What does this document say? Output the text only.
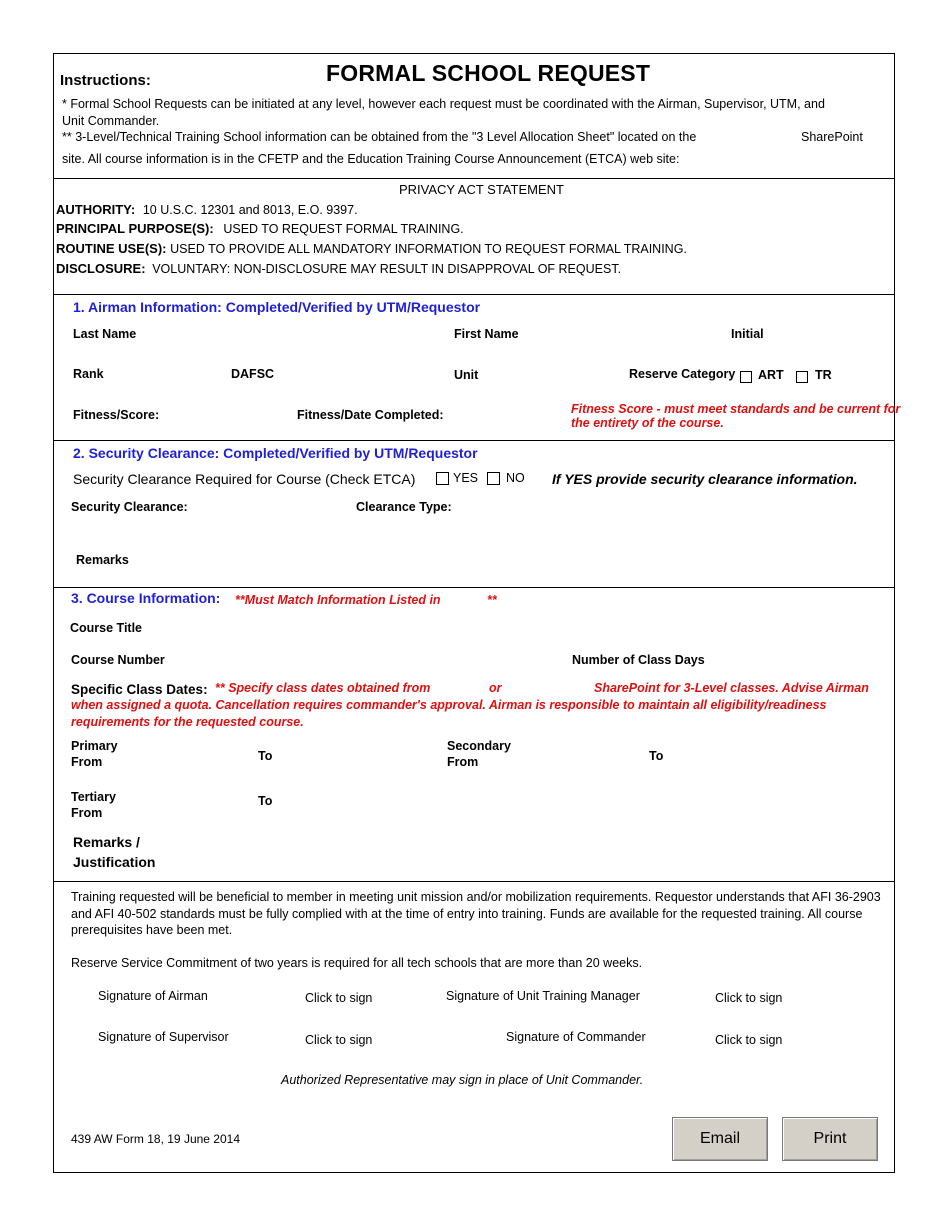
Instructions:	FORMAL SCHOOL REQUEST
* Formal School Requests can be initiated at any level, however each request must be coordinated with the Airman, Supervisor, UTM, and
Unit Commander.
** 3-Level/Technical Training School information can be obtained from the "3 Level Allocation Sheet" located on the	SharePoint
site. All course information is in the CFETP and the Education Training Course Announcement (ETCA) web site:
PRIVACY ACT STATEMENT
AUTHORITY: 10 U.S.C. 12301 and 8013, E.O. 9397.
PRINCIPAL PURPOSE(S): USED TO REQUEST FORMAL TRAINING.
ROUTINE USE(S): USED TO PROVIDE ALL MANDATORY INFORMATION TO REQUEST FORMAL TRAINING.
DISCLOSURE: VOLUNTARY: NON-DISCLOSURE MAY RESULT IN DISAPPROVAL OF REQUEST.
1. Airman Information: Completed/Verified by UTM/Requestor
Last Name	First Name	Initial
Rank	DAFSC	Unit	Reserve Category ART	TR
Fitness/Score:	Fitness/Date Completed:	Fitness Score - must meet standards and be current for
the entirety of the course.
2. Security Clearance: Completed/Verified by UTM/Requestor
Security Clearance Required for Course (Check ETCA)	YES NO If YES provide security clearance information.
Security Clearance:	Clearance Type:
Remarks
3. Course Information: **Must Match Information Listed in	**
Course Title
Course Number	Number of Class Days
Specific Class Dates: ** Specify class dates obtained from	or	SharePoint for 3-Level classes. Advise Airman
when assigned a quota. Cancellation requires commander's approval. Airman is responsible to maintain all eligibility/readiness
requirements for the requested course.
Primary
From	To
Secondary
From	To
Tertiary
From
To
Remarks /
Justification
Training requested will be beneficial to member in meeting unit mission and/or mobilization requirements. Requestor understands that AFI 36-2903 and AFI 40-502 standards must be fully complied with at the time of entry into training. Funds are available for the requested training. All course prerequisites have been met.
Reserve Service Commitment of two years is required for all tech schools that are more than 20 weeks.
Signature of Airman	Click to sign	Signature of Unit Training Manager	Click to sign
Signature of Supervisor	Click to sign	Signature of Commander	Click to sign
Authorized Representative may sign in place of Unit Commander.
439 AW Form 18, 19 June 2014	Email	Print
